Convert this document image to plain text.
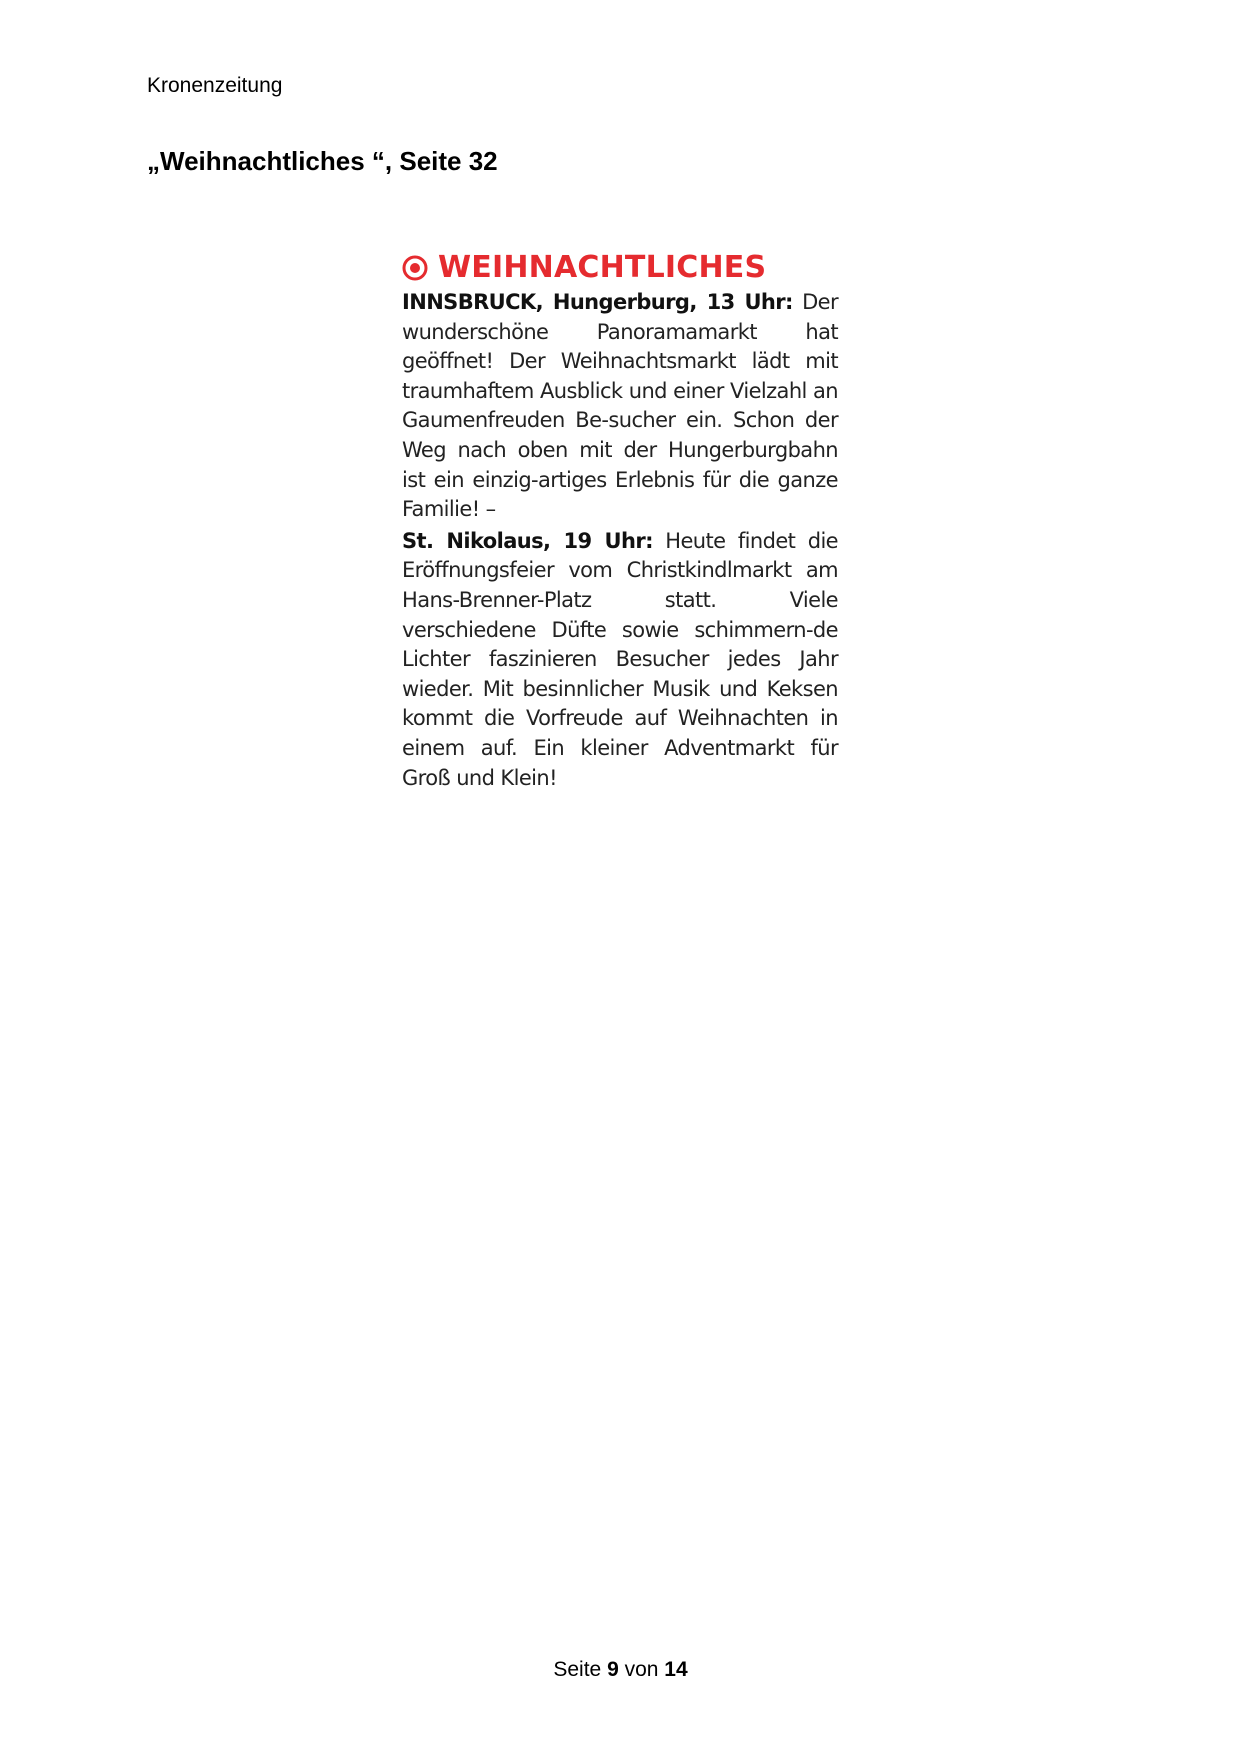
Kronenzeitung
„Weihnachtliches “, Seite 32
WEIHNACHTLICHES

INNSBRUCK, Hungerburg, 13 Uhr: Der wunderschöne Panoramamarkt hat geöffnet! Der Weihnachtsmarkt lädt mit traumhaftem Ausblick und einer Vielzahl an Gaumenfreuden Be-sucher ein. Schon der Weg nach oben mit der Hungerburgbahn ist ein einzig-artiges Erlebnis für die ganze Familie! –

St. Nikolaus, 19 Uhr: Heute findet die Eröffnungsfeier vom Christkindlmarkt am Hans-Brenner-Platz statt. Viele verschiedene Düfte sowie schimmern-de Lichter faszinieren Besucher jedes Jahr wieder. Mit besinnlicher Musik und Keksen kommt die Vorfreude auf Weihnachten in einem auf. Ein kleiner Adventmarkt für Groß und Klein!

Seite 9 von 14
